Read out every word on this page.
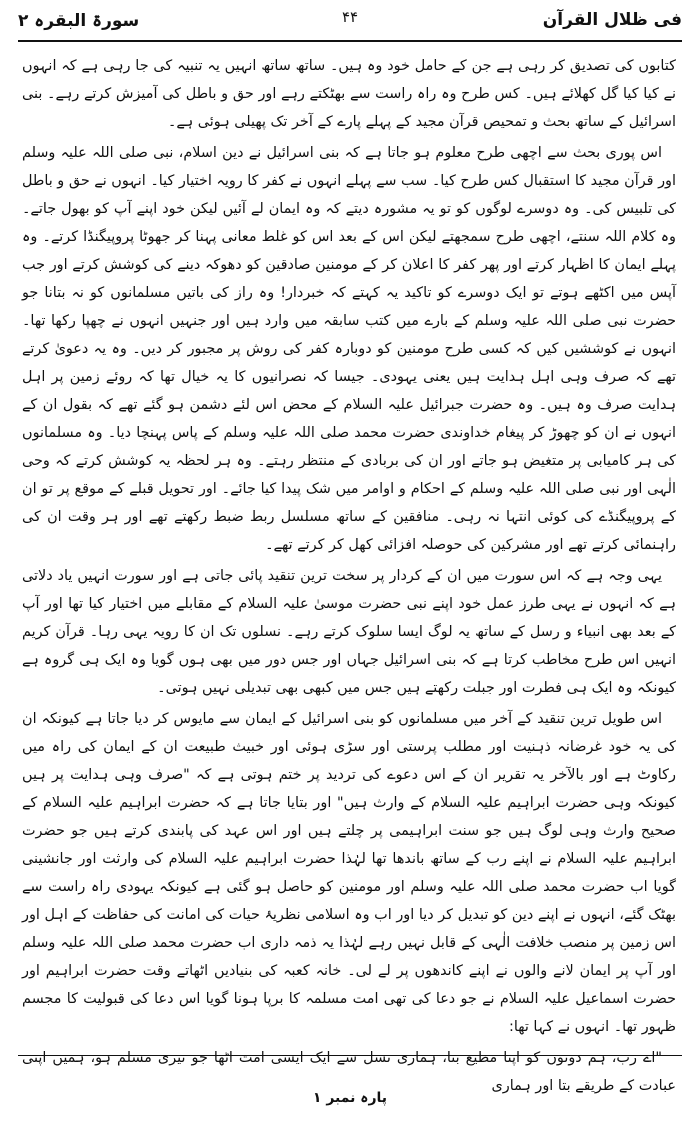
فی ظلال القرآن
۴۴
سورۃ البقرہ ۲

کتابوں کی تصدیق کر رہی ہے جن کے حامل خود وہ ہیں۔ ساتھ ساتھ انہیں یہ تنبیہ کی جا رہی ہے کہ انہوں نے کیا کیا گل کھلائے ہیں۔ کس طرح وہ راہ راست سے بھٹکتے رہے اور حق و باطل کی آمیزش کرتے رہے۔ بنی اسرائیل کے ساتھ بحث و تمحیص قرآن مجید کے پہلے پارے کے آخر تک پھیلی ہوئی ہے۔

اس پوری بحث سے اچھی طرح معلوم ہو جاتا ہے کہ بنی اسرائیل نے دین اسلام، نبی صلی اللہ علیہ وسلم اور قرآن مجید کا استقبال کس طرح کیا۔ سب سے پہلے انہوں نے کفر کا رویہ اختیار کیا۔ انہوں نے حق و باطل کی تلبیس کی۔ وہ دوسرے لوگوں کو تو یہ مشورہ دیتے کہ وہ ایمان لے آئیں لیکن خود اپنے آپ کو بھول جاتے۔ وہ کلام اللہ سنتے، اچھی طرح سمجھتے لیکن اس کے بعد اس کو غلط معانی پہنا کر جھوٹا پروپیگنڈا کرتے۔ وہ پہلے ایمان کا اظہار کرتے اور پھر کفر کا اعلان کر کے مومنین صادقین کو دھوکہ دینے کی کوشش کرتے اور جب آپس میں اکٹھے ہوتے تو ایک دوسرے کو تاکید یہ کہتے کہ خبردار! وہ راز کی باتیں مسلمانوں کو نہ بتانا جو حضرت نبی صلی اللہ علیہ وسلم کے بارے میں کتب سابقہ میں وارد ہیں اور جنہیں انہوں نے چھپا رکھا تھا۔ انہوں نے کوششیں کیں کہ کسی طرح مومنین کو دوبارہ کفر کی روش پر مجبور کر دیں۔ وہ یہ دعویٰ کرتے تھے کہ صرف وہی اہل ہدایت ہیں یعنی یہودی۔ جیسا کہ نصرانیوں کا یہ خیال تھا کہ روئے زمین پر اہل ہدایت صرف وہ ہیں۔ وہ حضرت جبرائیل علیہ السلام کے محض اس لئے دشمن ہو گئے تھے کہ بقول ان کے انہوں نے ان کو چھوڑ کر پیغام خداوندی حضرت محمد صلی اللہ علیہ وسلم کے پاس پہنچا دیا۔ وہ مسلمانوں کی ہر کامیابی پر متغیض ہو جاتے اور ان کی بربادی کے منتظر رہتے۔ وہ ہر لحظہ یہ کوشش کرتے کہ وحی الٰہی اور نبی صلی اللہ علیہ وسلم کے احکام و اوامر میں شک پیدا کیا جائے۔ اور تحویل قبلے کے موقع پر تو ان کے پروپیگنڈے کی کوئی انتہا نہ رہی۔ منافقین کے ساتھ مسلسل ربط ضبط رکھتے تھے اور ہر وقت ان کی راہنمائی کرتے تھے اور مشرکین کی حوصلہ افزائی کھل کر کرتے تھے۔

یہی وجہ ہے کہ اس سورت میں ان کے کردار پر سخت ترین تنقید پائی جاتی ہے اور سورت انہیں یاد دلاتی ہے کہ انہوں نے یہی طرز عمل خود اپنے نبی حضرت موسیٰ علیہ السلام کے مقابلے میں اختیار کیا تھا اور آپ کے بعد بھی انبیاء و رسل کے ساتھ یہ لوگ ایسا سلوک کرتے رہے۔ نسلوں تک ان کا رویہ یہی رہا۔ قرآن کریم انہیں اس طرح مخاطب کرتا ہے کہ بنی اسرائیل جہاں اور جس دور میں بھی ہوں گویا وہ ایک ہی گروہ ہے کیونکہ وہ ایک ہی فطرت اور جبلت رکھتے ہیں جس میں کبھی بھی تبدیلی نہیں ہوتی۔

اس طویل ترین تنقید کے آخر میں مسلمانوں کو بنی اسرائیل کے ایمان سے مایوس کر دیا جاتا ہے کیونکہ ان کی یہ خود غرضانہ ذہنیت اور مطلب پرستی اور سڑی ہوئی اور خبیث طبیعت ان کے ایمان کی راہ میں رکاوٹ ہے اور بالآخر یہ تقریر ان کے اس دعوے کی تردید پر ختم ہوتی ہے کہ "صرف وہی ہدایت پر ہیں کیونکہ وہی حضرت ابراہیم علیہ السلام کے وارث ہیں" اور بتایا جاتا ہے کہ حضرت ابراہیم علیہ السلام کے صحیح وارث وہی لوگ ہیں جو سنت ابراہیمی پر چلتے ہیں اور اس عہد کی پابندی کرتے ہیں جو حضرت ابراہیم علیہ السلام نے اپنے رب کے ساتھ باندھا تھا لہٰذا حضرت ابراہیم علیہ السلام کی وارثت اور جانشینی گویا اب حضرت محمد صلی اللہ علیہ وسلم اور مومنین کو حاصل ہو گئی ہے کیونکہ یہودی راہ راست سے بھٹک گئے، انہوں نے اپنے دین کو تبدیل کر دیا اور اب وہ اسلامی نظریۂ حیات کی امانت کی حفاظت کے اہل اور اس زمین پر منصب خلافت الٰہی کے قابل نہیں رہے لہٰذا یہ ذمہ داری اب حضرت محمد صلی اللہ علیہ وسلم اور آپ پر ایمان لانے والوں نے اپنے کاندھوں پر لے لی۔ خانہ کعبہ کی بنیادیں اٹھاتے وقت حضرت ابراہیم اور حضرت اسماعیل علیہ السلام نے جو دعا کی تھی امت مسلمہ کا برپا ہونا گویا اس دعا کی قبولیت کا مجسم ظہور تھا۔ انہوں نے کہا تھا:

"اے رب، ہم دونوں کو اپنا مطیع بنا، ہماری نسل سے ایک ایسی امت اٹھا جو تیری مسلم ہو، ہمیں اپنی عبادت کے طریقے بتا اور ہماری

پارہ نمبر ۱
